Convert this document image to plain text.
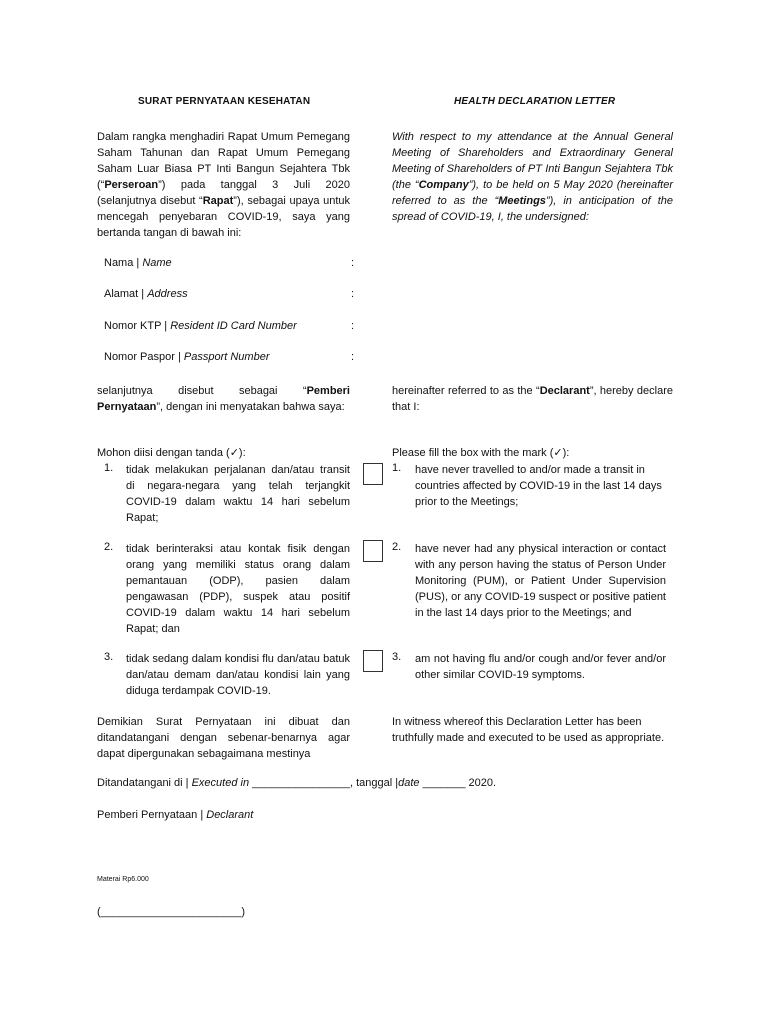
SURAT PERNYATAAN KESEHATAN	HEALTH DECLARATION LETTER
Dalam rangka menghadiri Rapat Umum Pemegang Saham Tahunan dan Rapat Umum Pemegang Saham Luar Biasa PT Inti Bangun Sejahtera Tbk (“Perseroan”) pada tanggal 3 Juli 2020 (selanjutnya disebut “Rapat”), sebagai upaya untuk mencegah penyebaran COVID-19, saya yang bertanda tangan di bawah ini:
With respect to my attendance at the Annual General Meeting of Shareholders and Extraordinary General Meeting of Shareholders of PT Inti Bangun Sejahtera Tbk (the “Company”), to be held on 5 May 2020 (hereinafter referred to as the “Meetings”), in anticipation of the spread of COVID-19, I, the undersigned:
Nama | Name	:
Alamat | Address	:
Nomor KTP | Resident ID Card Number	:
Nomor Paspor | Passport Number	:
selanjutnya disebut sebagai “Pemberi Pernyataan”, dengan ini menyatakan bahwa saya:
hereinafter referred to as the “Declarant”, hereby declare that I:
Mohon diisi dengan tanda (✓):	Please fill the box with the mark (✓):
1. tidak melakukan perjalanan dan/atau transit di negara-negara yang telah terjangkit COVID-19 dalam waktu 14 hari sebelum Rapat;
1. have never travelled to and/or made a transit in countries affected by COVID-19 in the last 14 days prior to the Meetings;
2. tidak berinteraksi atau kontak fisik dengan orang yang memiliki status orang dalam pemantauan (ODP), pasien dalam pengawasan (PDP), suspek atau positif COVID-19 dalam waktu 14 hari sebelum Rapat; dan
2. have never had any physical interaction or contact with any person having the status of Person Under Monitoring (PUM), or Patient Under Supervision (PUS), or any COVID-19 suspect or positive patient in the last 14 days prior to the Meetings; and
3. tidak sedang dalam kondisi flu dan/atau batuk dan/atau demam dan/atau kondisi lain yang diduga terdampak COVID-19.
3. am not having flu and/or cough and/or fever and/or other similar COVID-19 symptoms.
Demikian Surat Pernyataan ini dibuat dan ditandatangani dengan sebenar-benarnya agar dapat dipergunakan sebagaimana mestinya
In witness whereof this Declaration Letter has been truthfully made and executed to be used as appropriate.
Ditandatangani di | Executed in ________________, tanggal |date _______ 2020.
Pemberi Pernyataan | Declarant
Materai Rp6.000
(_______________________)
